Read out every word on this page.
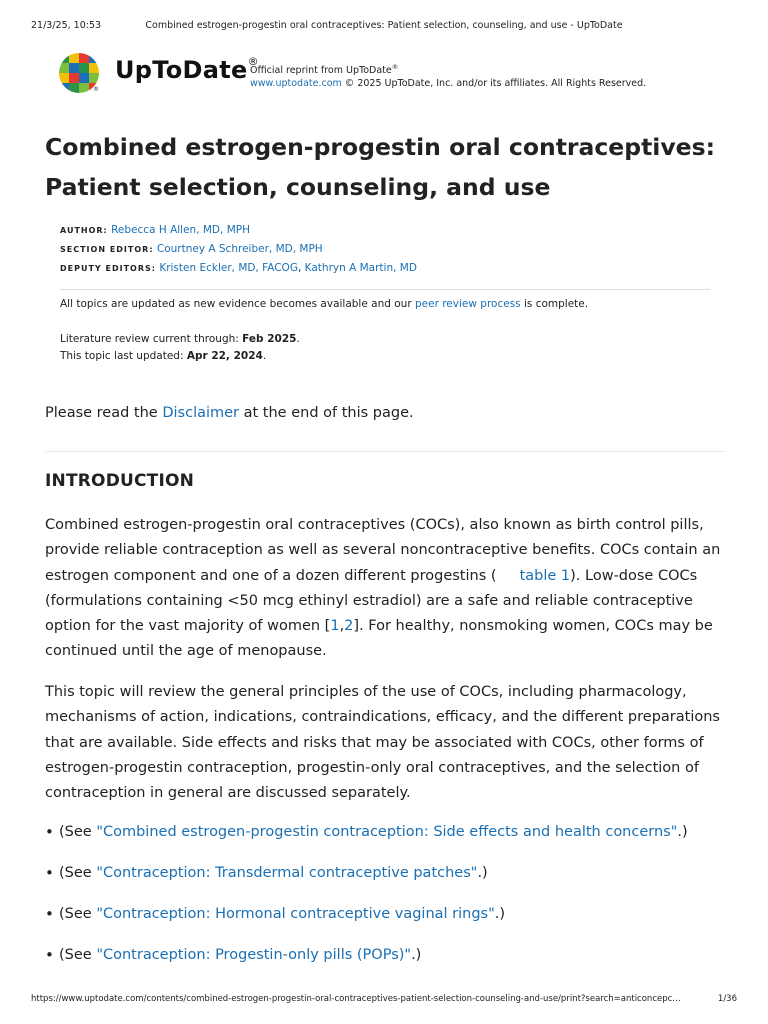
21/3/25, 10:53	Combined estrogen-progestin oral contraceptives: Patient selection, counseling, and use - UpToDate
®
UpToDate®
Official reprint from UpToDate®
www.uptodate.com © 2025 UpToDate, Inc. and/or its affiliates. All Rights Reserved.
Combined estrogen-progestin oral contraceptives: Patient selection, counseling, and use
AUTHOR: Rebecca H Allen, MD, MPH
SECTION EDITOR: Courtney A Schreiber, MD, MPH
DEPUTY EDITORS: Kristen Eckler, MD, FACOG, Kathryn A Martin, MD
All topics are updated as new evidence becomes available and our peer review process is complete.
Literature review current through: Feb 2025.
This topic last updated: Apr 22, 2024.

Please read the Disclaimer at the end of this page.

INTRODUCTION

Combined estrogen-progestin oral contraceptives (COCs), also known as birth control pills, provide reliable contraception as well as several noncontraceptive benefits. COCs contain an estrogen component and one of a dozen different progestins ( table 1). Low-dose COCs (formulations containing <50 mcg ethinyl estradiol) are a safe and reliable contraceptive option for the vast majority of women [1,2]. For healthy, nonsmoking women, COCs may be continued until the age of menopause.

This topic will review the general principles of the use of COCs, including pharmacology, mechanisms of action, indications, contraindications, efficacy, and the different preparations that are available. Side effects and risks that may be associated with COCs, other forms of estrogen-progestin contraception, progestin-only oral contraceptives, and the selection of contraception in general are discussed separately.

• (See "Combined estrogen-progestin contraception: Side effects and health concerns".)
• (See "Contraception: Transdermal contraceptive patches".)
• (See "Contraception: Hormonal contraceptive vaginal rings".)
• (See "Contraception: Progestin-only pills (POPs)".)
https://www.uptodate.com/contents/combined-estrogen-progestin-oral-contraceptives-patient-selection-counseling-and-use/print?search=anticoncepc…	1/36
